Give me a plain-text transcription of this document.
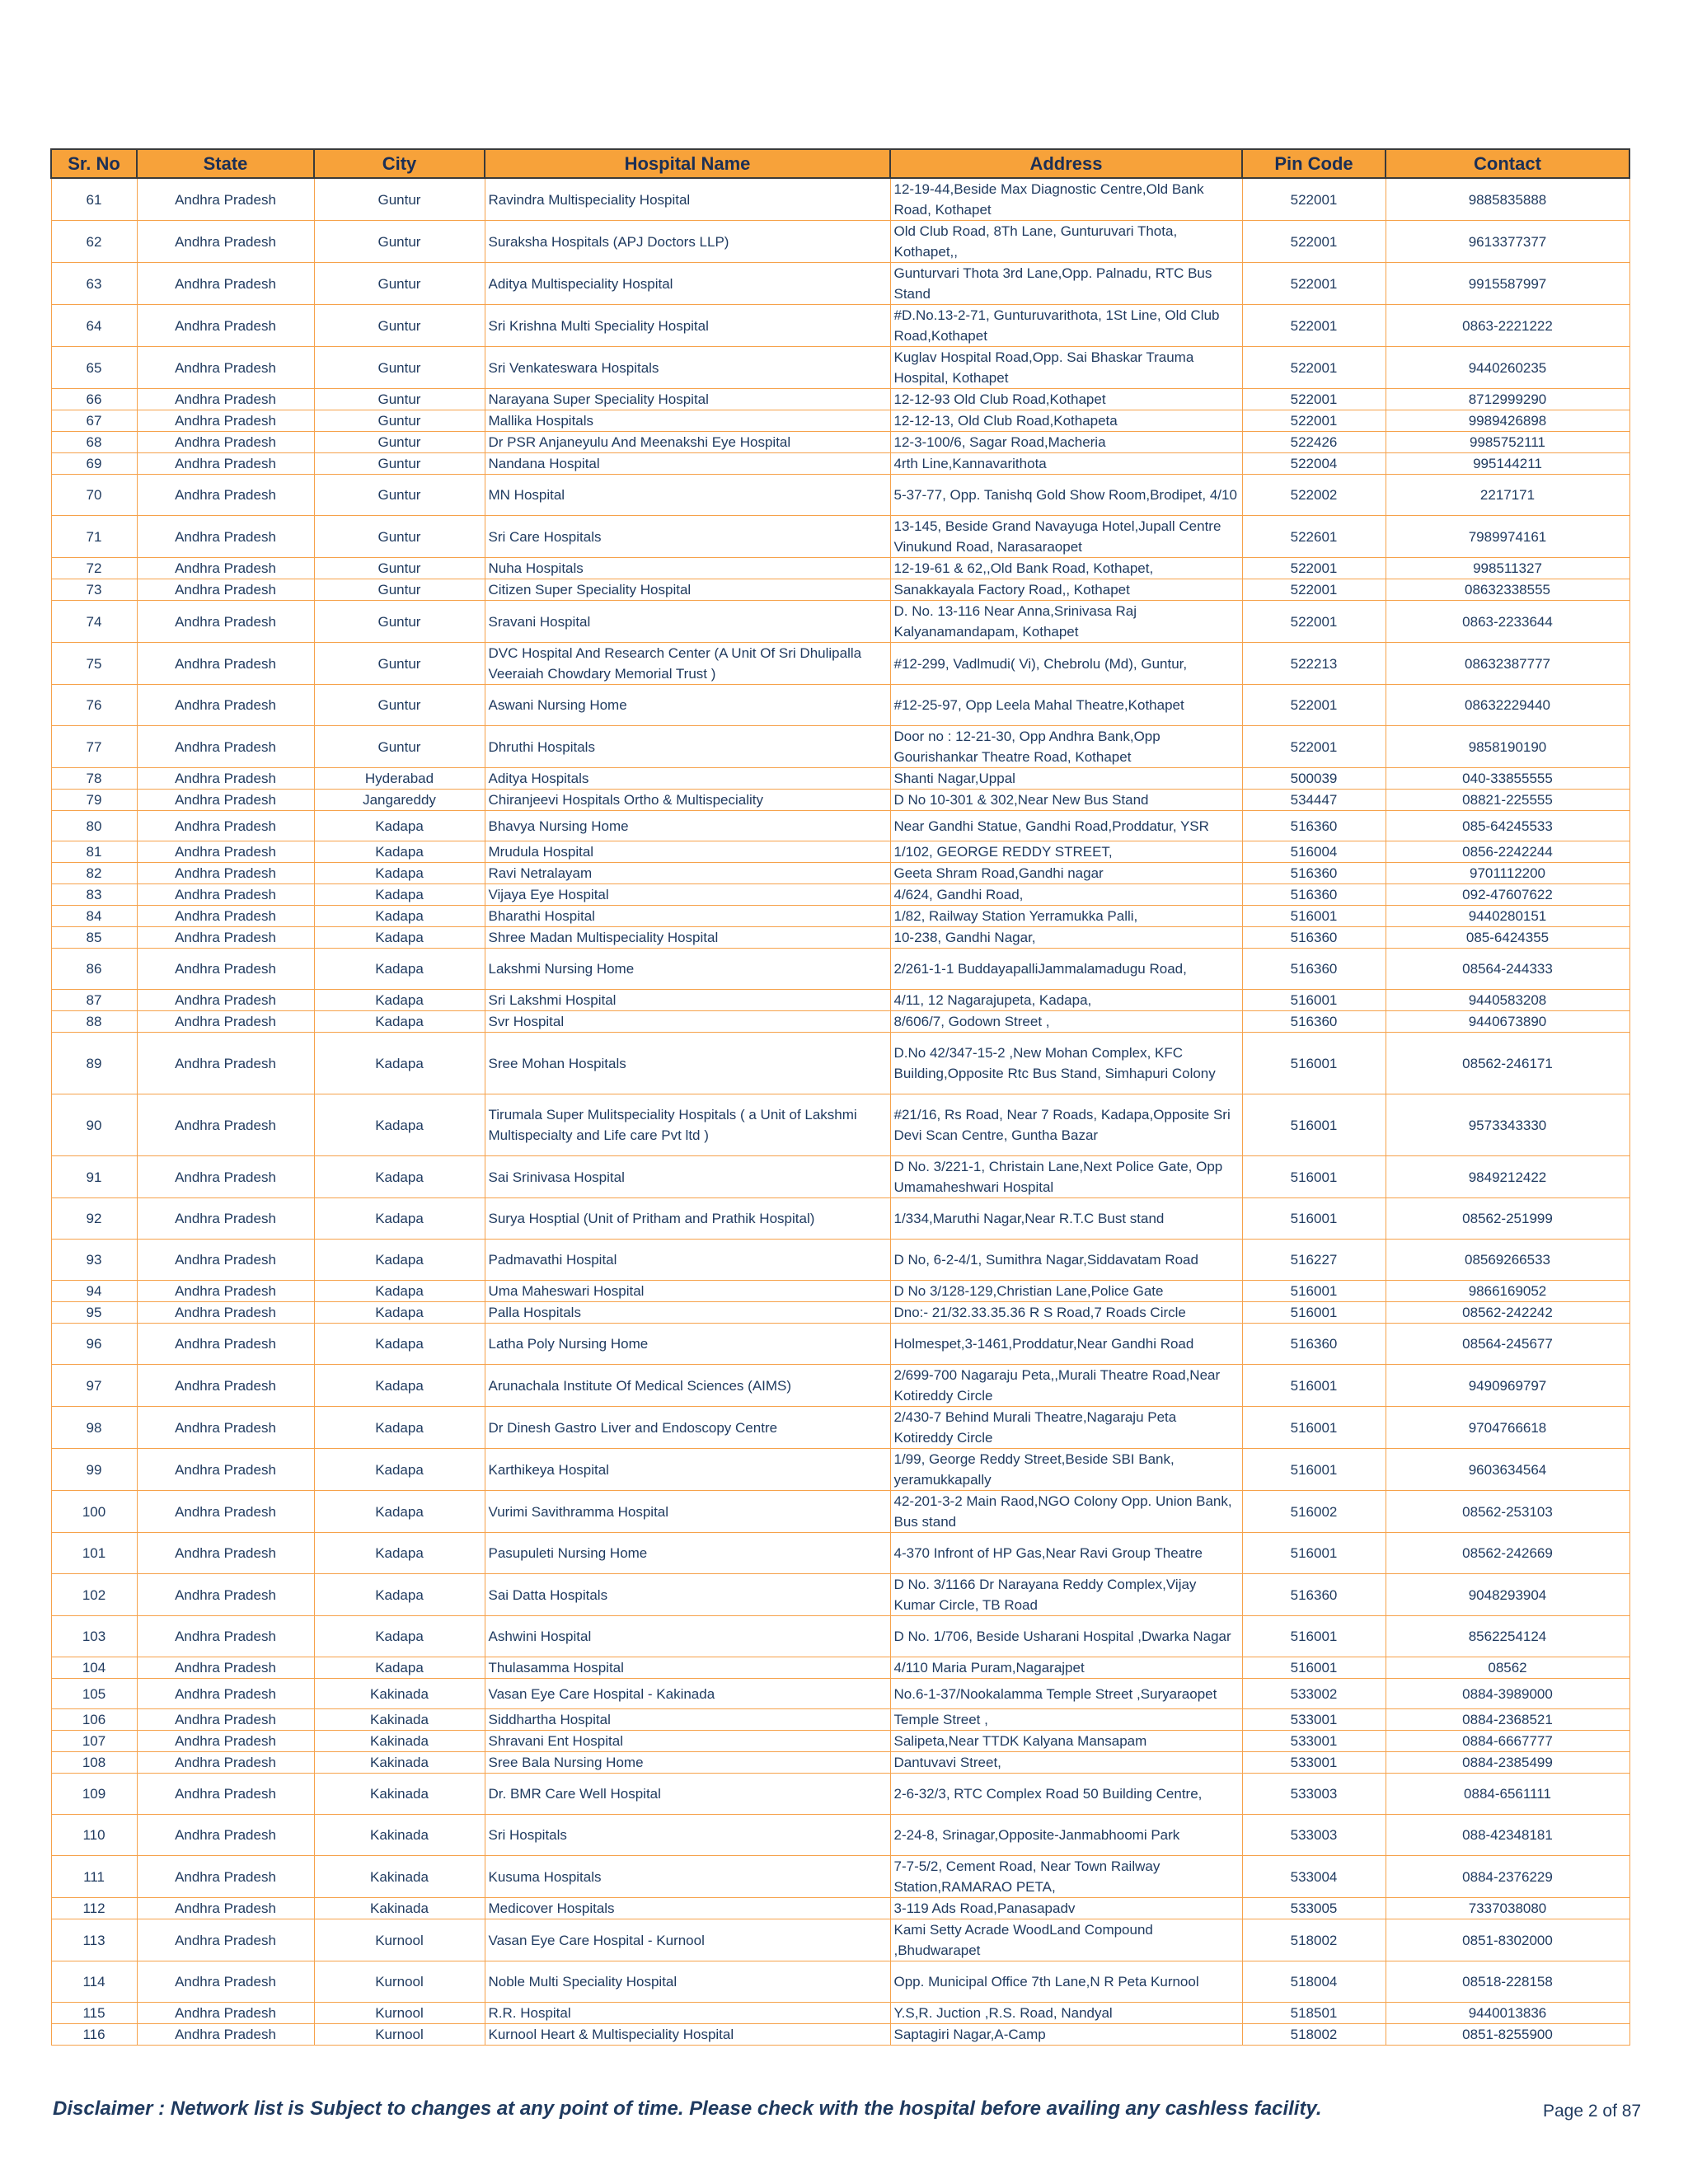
Sr. No	State	City	Hospital Name	Address	Pin Code	Contact
61	Andhra Pradesh	Guntur	Ravindra Multispeciality Hospital	12-19-44,Beside Max Diagnostic Centre,Old Bank Road, Kothapet	522001	9885835888
62	Andhra Pradesh	Guntur	Suraksha Hospitals (APJ Doctors LLP)	Old Club Road, 8Th Lane, Gunturuvari Thota, Kothapet,,	522001	9613377377
63	Andhra Pradesh	Guntur	Aditya Multispeciality Hospital	Gunturvari Thota 3rd Lane,Opp. Palnadu, RTC Bus Stand	522001	9915587997
64	Andhra Pradesh	Guntur	Sri Krishna Multi Speciality Hospital	#D.No.13-2-71, Gunturuvarithota, 1St Line, Old Club Road,Kothapet	522001	0863-2221222
65	Andhra Pradesh	Guntur	Sri Venkateswara Hospitals	Kuglav Hospital Road,Opp. Sai Bhaskar Trauma Hospital, Kothapet	522001	9440260235
66	Andhra Pradesh	Guntur	Narayana Super Speciality Hospital	12-12-93 Old Club Road,Kothapet	522001	8712999290
67	Andhra Pradesh	Guntur	Mallika Hospitals	12-12-13, Old Club Road,Kothapeta	522001	9989426898
68	Andhra Pradesh	Guntur	Dr PSR Anjaneyulu And Meenakshi Eye Hospital	12-3-100/6, Sagar Road,Macheria	522426	9985752111
69	Andhra Pradesh	Guntur	Nandana Hospital	4rth Line,Kannavarithota	522004	995144211
70	Andhra Pradesh	Guntur	MN Hospital	5-37-77, Opp. Tanishq Gold Show Room,Brodipet, 4/10	522002	2217171
71	Andhra Pradesh	Guntur	Sri Care Hospitals	13-145, Beside Grand Navayuga Hotel,Jupall Centre Vinukund Road, Narasaraopet	522601	7989974161
72	Andhra Pradesh	Guntur	Nuha Hospitals	12-19-61 & 62,,Old Bank Road, Kothapet,	522001	998511327
73	Andhra Pradesh	Guntur	Citizen Super Speciality Hospital	Sanakkayala Factory Road,, Kothapet	522001	08632338555
74	Andhra Pradesh	Guntur	Sravani Hospital	D. No. 13-116 Near Anna,Srinivasa Raj Kalyanamandapam, Kothapet	522001	0863-2233644
75	Andhra Pradesh	Guntur	DVC Hospital And Research Center (A Unit Of Sri Dhulipalla Veeraiah Chowdary Memorial Trust )	#12-299, Vadlmudi( Vi), Chebrolu (Md), Guntur,	522213	08632387777
76	Andhra Pradesh	Guntur	Aswani Nursing Home	#12-25-97, Opp Leela Mahal Theatre,Kothapet	522001	08632229440
77	Andhra Pradesh	Guntur	Dhruthi Hospitals	Door no : 12-21-30, Opp Andhra Bank,Opp Gourishankar Theatre Road, Kothapet	522001	9858190190
78	Andhra Pradesh	Hyderabad	Aditya Hospitals	Shanti Nagar,Uppal	500039	040-33855555
79	Andhra Pradesh	Jangareddy	Chiranjeevi Hospitals Ortho & Multispeciality	D No 10-301 & 302,Near New Bus Stand	534447	08821-225555
80	Andhra Pradesh	Kadapa	Bhavya Nursing Home	Near Gandhi Statue, Gandhi Road,Proddatur, YSR	516360	085-64245533
81	Andhra Pradesh	Kadapa	Mrudula Hospital	1/102, GEORGE REDDY STREET,	516004	0856-2242244
82	Andhra Pradesh	Kadapa	Ravi Netralayam	Geeta Shram Road,Gandhi nagar	516360	9701112200
83	Andhra Pradesh	Kadapa	Vijaya Eye Hospital	4/624, Gandhi Road,	516360	092-47607622
84	Andhra Pradesh	Kadapa	Bharathi Hospital	1/82, Railway Station Yerramukka Palli,	516001	9440280151
85	Andhra Pradesh	Kadapa	Shree Madan Multispeciality Hospital	10-238, Gandhi Nagar,	516360	085-6424355
86	Andhra Pradesh	Kadapa	Lakshmi Nursing Home	2/261-1-1 BuddayapalliJammalamadugu Road,	516360	08564-244333
87	Andhra Pradesh	Kadapa	Sri Lakshmi Hospital	4/11, 12 Nagarajupeta, Kadapa,	516001	9440583208
88	Andhra Pradesh	Kadapa	Svr Hospital	8/606/7, Godown Street ,	516360	9440673890
89	Andhra Pradesh	Kadapa	Sree Mohan Hospitals	D.No 42/347-15-2 ,New Mohan Complex, KFC Building,Opposite Rtc Bus Stand, Simhapuri Colony	516001	08562-246171
90	Andhra Pradesh	Kadapa	Tirumala Super Mulitspeciality Hospitals ( a Unit of Lakshmi Multispecialty and Life care Pvt ltd )	#21/16, Rs Road, Near 7 Roads, Kadapa,Opposite Sri Devi Scan Centre, Guntha Bazar	516001	9573343330
91	Andhra Pradesh	Kadapa	Sai Srinivasa Hospital	D No. 3/221-1, Christain Lane,Next Police Gate, Opp Umamaheshwari Hospital	516001	9849212422
92	Andhra Pradesh	Kadapa	Surya Hosptial (Unit of Pritham and Prathik Hospital)	1/334,Maruthi Nagar,Near R.T.C Bust stand	516001	08562-251999
93	Andhra Pradesh	Kadapa	Padmavathi Hospital	D No, 6-2-4/1, Sumithra Nagar,Siddavatam Road	516227	08569266533
94	Andhra Pradesh	Kadapa	Uma Maheswari Hospital	D No 3/128-129,Christian Lane,Police Gate	516001	9866169052
95	Andhra Pradesh	Kadapa	Palla Hospitals	Dno:- 21/32.33.35.36 R S Road,7 Roads Circle	516001	08562-242242
96	Andhra Pradesh	Kadapa	Latha Poly Nursing Home	Holmespet,3-1461,Proddatur,Near Gandhi Road	516360	08564-245677
97	Andhra Pradesh	Kadapa	Arunachala Institute Of Medical Sciences (AIMS)	2/699-700 Nagaraju Peta,,Murali Theatre Road,Near Kotireddy Circle	516001	9490969797
98	Andhra Pradesh	Kadapa	Dr Dinesh Gastro Liver and Endoscopy Centre	2/430-7 Behind Murali Theatre,Nagaraju Peta Kotireddy Circle	516001	9704766618
99	Andhra Pradesh	Kadapa	Karthikeya Hospital	1/99, George Reddy Street,Beside SBI Bank, yeramukkapally	516001	9603634564
100	Andhra Pradesh	Kadapa	Vurimi Savithramma Hospital	42-201-3-2 Main Raod,NGO Colony Opp. Union Bank, Bus stand	516002	08562-253103
101	Andhra Pradesh	Kadapa	Pasupuleti Nursing Home	4-370 Infront of HP Gas,Near Ravi Group Theatre	516001	08562-242669
102	Andhra Pradesh	Kadapa	Sai Datta Hospitals	D No. 3/1166 Dr Narayana Reddy Complex,Vijay Kumar Circle, TB Road	516360	9048293904
103	Andhra Pradesh	Kadapa	Ashwini Hospital	D No. 1/706, Beside Usharani Hospital ,Dwarka Nagar	516001	8562254124
104	Andhra Pradesh	Kadapa	Thulasamma Hospital	4/110 Maria Puram,Nagarajpet	516001	08562
105	Andhra Pradesh	Kakinada	Vasan Eye Care Hospital - Kakinada	No.6-1-37/Nookalamma Temple Street ,Suryaraopet	533002	0884-3989000
106	Andhra Pradesh	Kakinada	Siddhartha Hospital	Temple Street ,	533001	0884-2368521
107	Andhra Pradesh	Kakinada	Shravani Ent Hospital	Salipeta,Near TTDK Kalyana Mansapam	533001	0884-6667777
108	Andhra Pradesh	Kakinada	Sree Bala Nursing Home	Dantuvavi Street,	533001	0884-2385499
109	Andhra Pradesh	Kakinada	Dr. BMR Care Well Hospital	2-6-32/3, RTC Complex Road 50 Building Centre,	533003	0884-6561111
110	Andhra Pradesh	Kakinada	Sri Hospitals	2-24-8, Srinagar,Opposite-Janmabhoomi Park	533003	088-42348181
111	Andhra Pradesh	Kakinada	Kusuma Hospitals	7-7-5/2, Cement Road, Near Town Railway Station,RAMARAO PETA,	533004	0884-2376229
112	Andhra Pradesh	Kakinada	Medicover Hospitals	3-119 Ads Road,Panasapadv	533005	7337038080
113	Andhra Pradesh	Kurnool	Vasan Eye Care Hospital - Kurnool	Kami Setty Acrade WoodLand Compound ,Bhudwarapet	518002	0851-8302000
114	Andhra Pradesh	Kurnool	Noble Multi Speciality Hospital	Opp. Municipal Office 7th Lane,N R Peta Kurnool	518004	08518-228158
115	Andhra Pradesh	Kurnool	R.R. Hospital	Y.S,R. Juction ,R.S. Road, Nandyal	518501	9440013836
116	Andhra Pradesh	Kurnool	Kurnool Heart & Multispeciality Hospital	Saptagiri Nagar,A-Camp	518002	0851-8255900
Disclaimer : Network list is Subject to changes at any point of time. Please check with the hospital before availing any cashless facility.	Page 2 of 87
